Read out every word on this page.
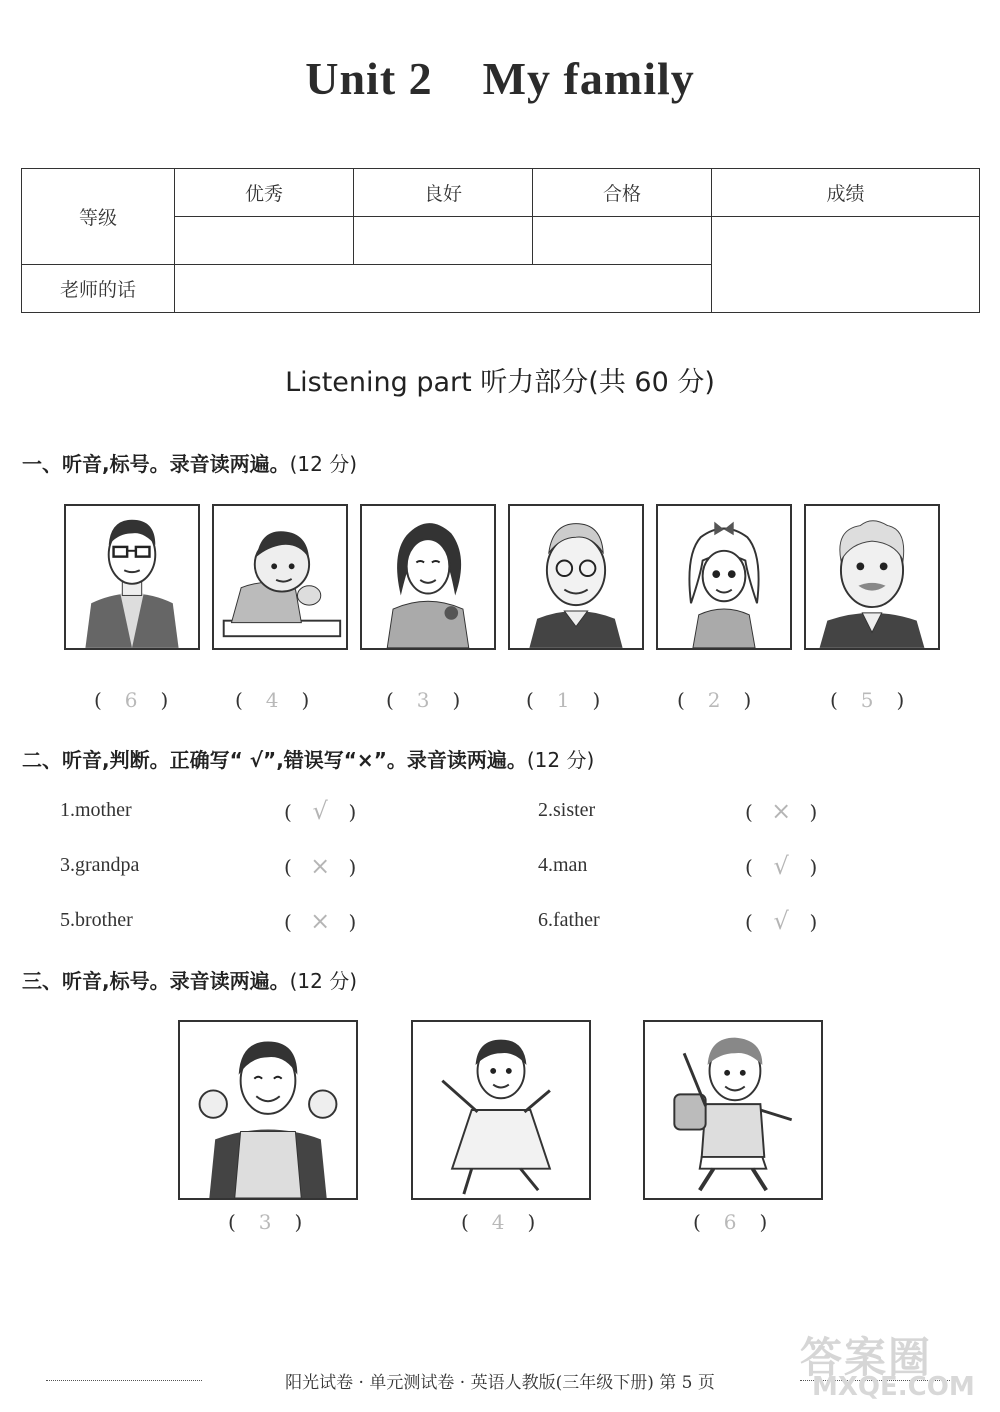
Unit 2 My family
等级	优秀	良好	合格	成绩

老师的话				
Listening part 听力部分(共 60 分)
一、听音,标号。录音读两遍。(12 分)
( 6 )	( 4 )	( 3 )	( 1 )	( 2 )	( 5 )
二、听音,判断。正确写“ √”,错误写“×”。录音读两遍。(12 分)
1.mother	( √ )	2.sister	( × )
3.grandpa	( × )	4.man	( √ )
5.brother	( × )	6.father	( √ )
三、听音,标号。录音读两遍。(12 分)
( 3 )	( 4 )	( 6 )
阳光试卷 · 单元测试卷 · 英语人教版(三年级下册) 第 5 页
答案圈
MXQE.COM
